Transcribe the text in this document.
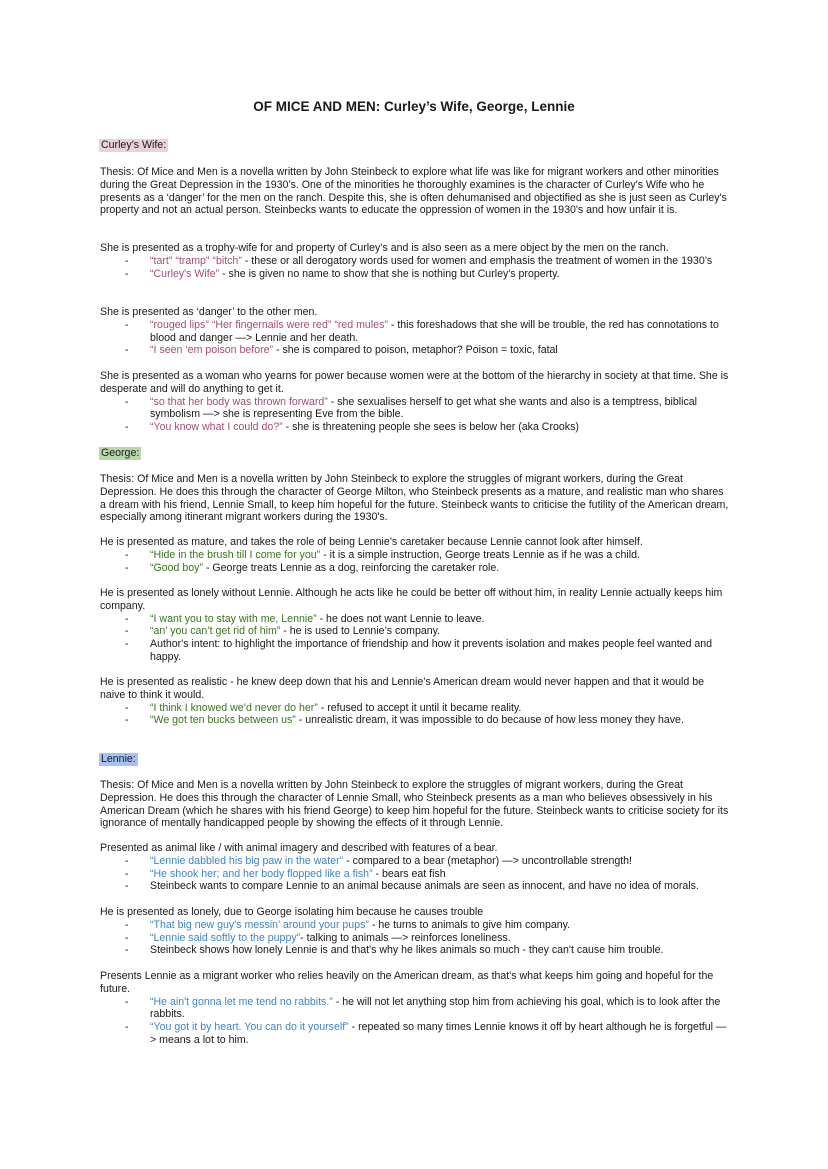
OF MICE AND MEN: Curley’s Wife, George, Lennie
Curley’s Wife:

Thesis: Of Mice and Men is a novella written by John Steinbeck to explore what life was like for migrant workers and other minorities during the Great Depression in the 1930’s. One of the minorities he thoroughly examines is the character of Curley's Wife who he presents as a ‘danger’ for the men on the ranch. Despite this, she is often dehumanised and objectified as she is just seen as Curley's property and not an actual person. Steinbecks wants to educate the oppression of women in the 1930's and how unfair it is.

She is presented as a trophy-wife for and property of Curley’s and is also seen as a mere object by the men on the ranch.

- “tart” “tramp” “bitch” - these or all derogatory words used for women and emphasis the treatment of women in the 1930’s
- “Curley's Wife” - she is given no name to show that she is nothing but Curley's property.

She is presented as ‘danger’ to the other men.

- “rouged lips” “Her fingernails were red” “red mules” - this foreshadows that she will be trouble, the red has connotations to blood and danger —> Lennie and her death.
- “I seen ‘em poison before” - she is compared to poison, metaphor? Poison = toxic, fatal

She is presented as a woman who yearns for power because women were at the bottom of the hierarchy in society at that time. She is desperate and will do anything to get it.

- “so that her body was thrown forward” - she sexualises herself to get what she wants and also is a temptress, biblical symbolism —> she is representing Eve from the bible.
- “You know what I could do?” - she is threatening people she sees is below her (aka Crooks)
George:

Thesis: Of Mice and Men is a novella written by John Steinbeck to explore the struggles of migrant workers, during the Great Depression. He does this through the character of George Milton, who Steinbeck presents as a mature, and realistic man who shares a dream with his friend, Lennie Small, to keep him hopeful for the future. Steinbeck wants to criticise the futility of the American dream, especially among itinerant migrant workers during the 1930's.

He is presented as mature, and takes the role of being Lennie’s caretaker because Lennie cannot look after himself.

- “Hide in the brush till I come for you” - it is a simple instruction, George treats Lennie as if he was a child.
- “Good boy” - George treats Lennie as a dog, reinforcing the caretaker role.

He is presented as lonely without Lennie. Although he acts like he could be better off without him, in reality Lennie actually keeps him company.

- “I want you to stay with me, Lennie” - he does not want Lennie to leave.
- “an’ you can’t get rid of him” - he is used to Lennie’s company.
- Author's intent: to highlight the importance of friendship and how it prevents isolation and makes people feel wanted and happy.

He is presented as realistic - he knew deep down that his and Lennie’s American dream would never happen and that it would be naive to think it would.

- “I think I knowed we’d never do her” - refused to accept it until it became reality.
- “We got ten bucks between us” - unrealistic dream, it was impossible to do because of how less money they have.
Lennie:

Thesis: Of Mice and Men is a novella written by John Steinbeck to explore the struggles of migrant workers, during the Great Depression. He does this through the character of Lennie Small, who Steinbeck presents as a man who believes obsessively in his American Dream (which he shares with his friend George) to keep him hopeful for the future. Steinbeck wants to criticise society for its ignorance of mentally handicapped people by showing the effects of it through Lennie.

Presented as animal like / with animal imagery and described with features of a bear.

- “Lennie dabbled his big paw in the water” - compared to a bear (metaphor) —> uncontrollable strength!
- “He shook her; and her body flopped like a fish” - bears eat fish
- Steinbeck wants to compare Lennie to an animal because animals are seen as innocent, and have no idea of morals.

He is presented as lonely, due to George isolating him because he causes trouble

- “That big new guy's messin’ around your pups” - he turns to animals to give him company.
- “Lennie said softly to the puppy”- talking to animals —> reinforces loneliness.
- Steinbeck shows how lonely Lennie is and that's why he likes animals so much - they can't cause him trouble.

Presents Lennie as a migrant worker who relies heavily on the American dream, as that's what keeps him going and hopeful for the future.

- “He ain't gonna let me tend no rabbits.” - he will not let anything stop him from achieving his goal, which is to look after the rabbits.
- “You got it by heart. You can do it yourself” - repeated so many times Lennie knows it off by heart although he is forgetful —> means a lot to him.
